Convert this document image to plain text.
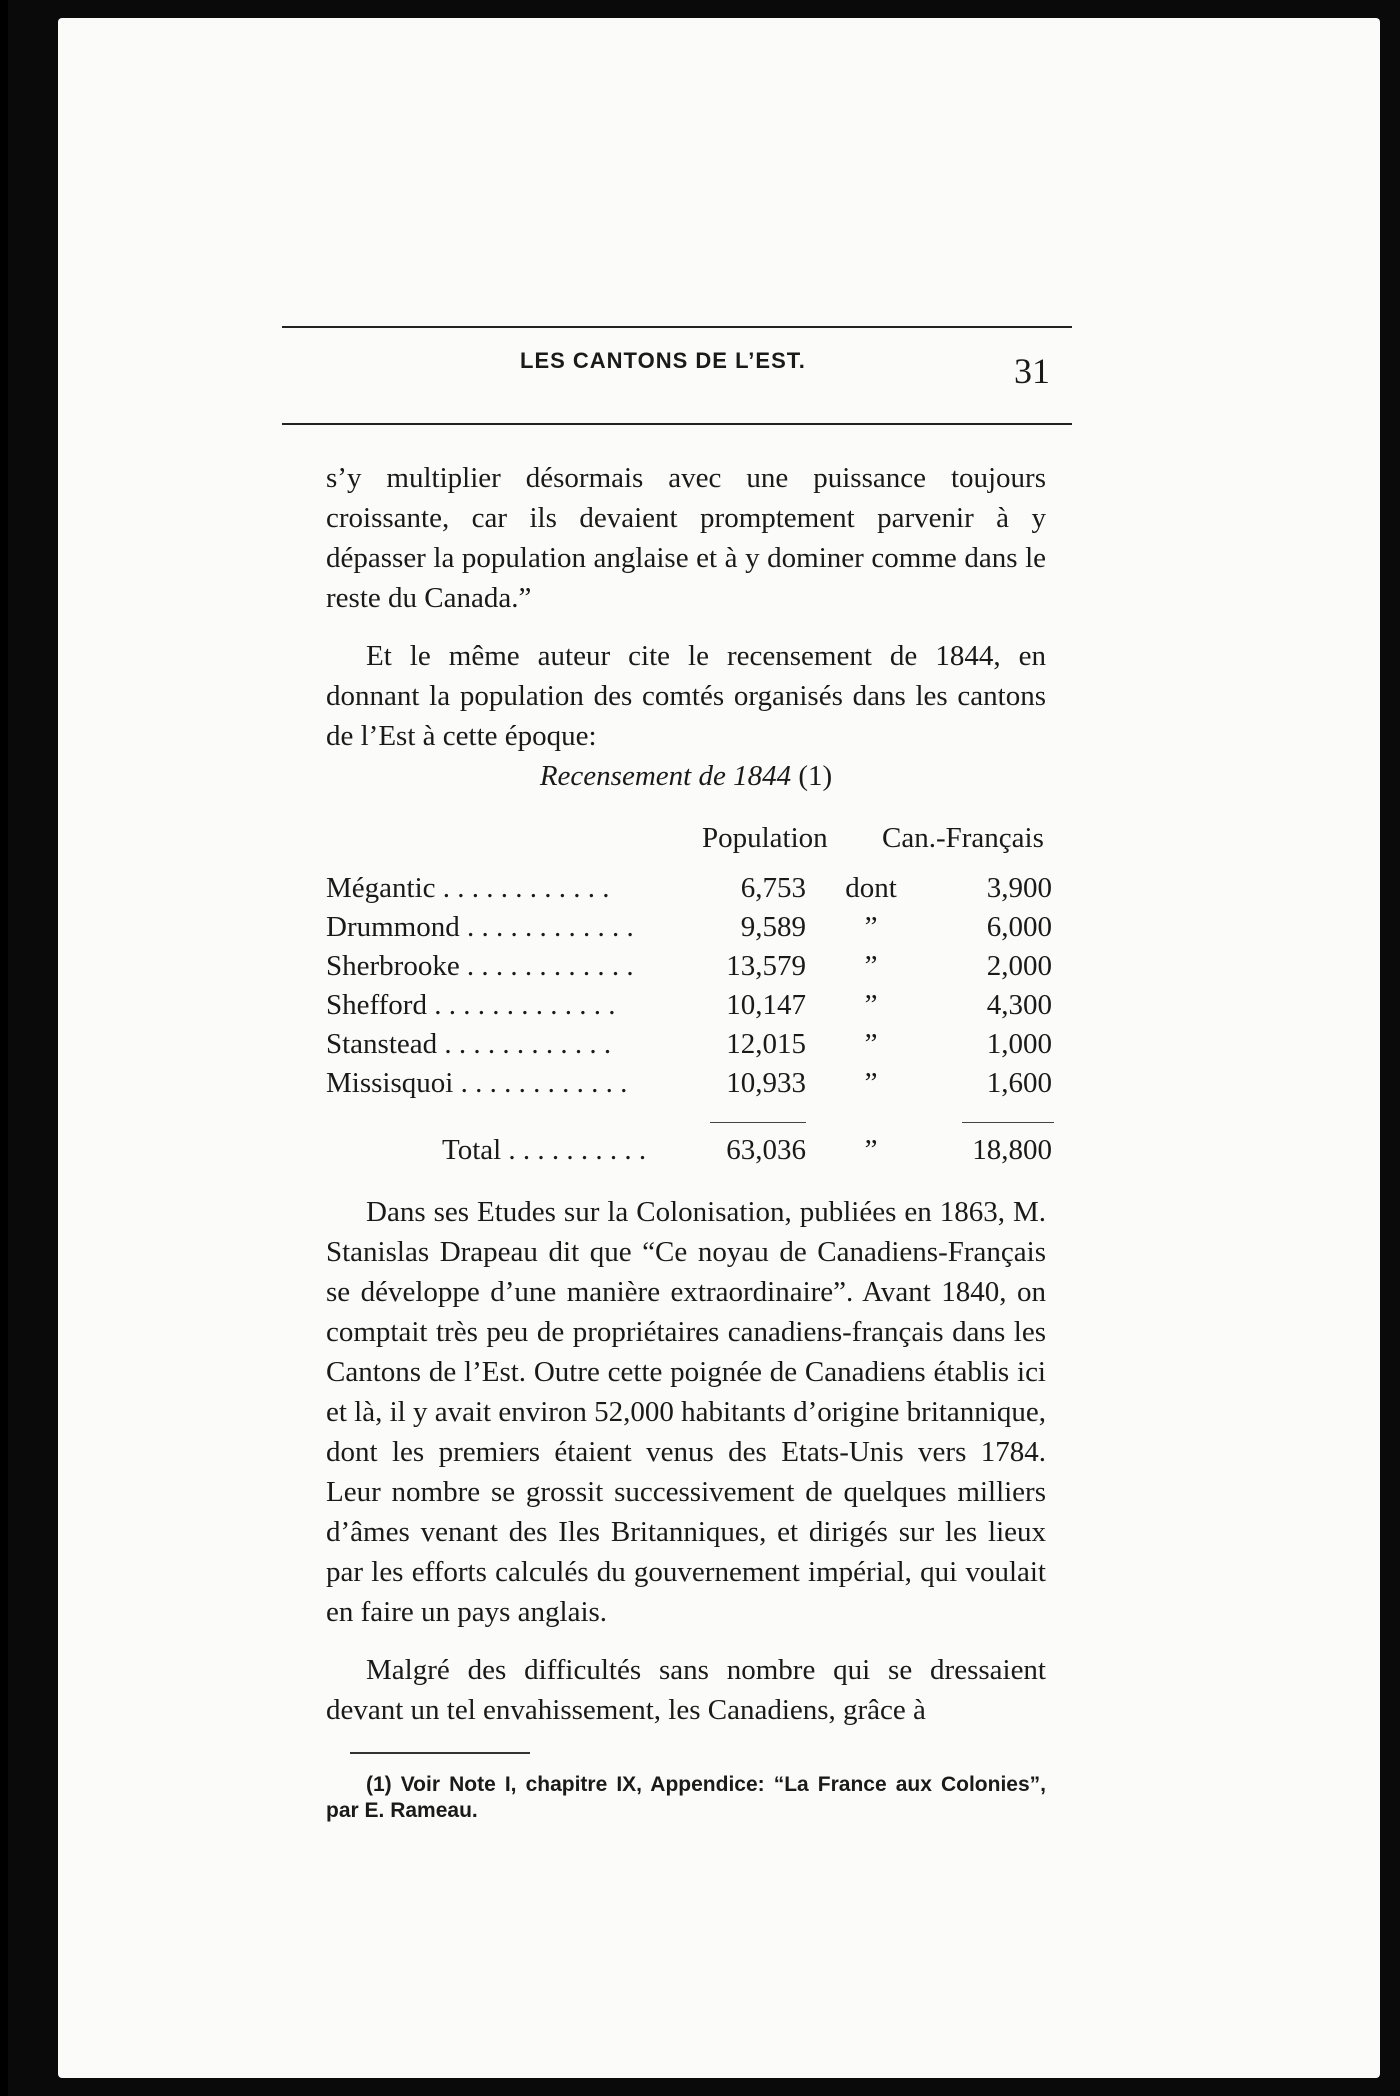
LES CANTONS DE L’EST.	31

s’y multiplier désormais avec une puissance toujours croissante, car ils devaient promptement parvenir à y dépasser la population anglaise et à y dominer comme dans le reste du Canada.”

Et le même auteur cite le recensement de 1844, en donnant la population des comtés organisés dans les cantons de l’Est à cette époque:

Recensement de 1844 (1)
Population Can.-Français
Mégantic . . . . . . . . . . . .	6,753	dont	3,900
Drummond . . . . . . . . . . . .	9,589	”	6,000
Sherbrooke . . . . . . . . . . . .	13,579	”	2,000
Shefford . . . . . . . . . . . . .	10,147	”	4,300
Stanstead . . . . . . . . . . . .	12,015	”	1,000
Missisquoi . . . . . . . . . . . .	10,933	”	1,600
Total . . . . . . . . . .	63,036	”	18,800

Dans ses Etudes sur la Colonisation, publiées en 1863, M. Stanislas Drapeau dit que “Ce noyau de Canadiens-Français se développe d’une manière extraordinaire”. Avant 1840, on comptait très peu de propriétaires canadiens-français dans les Cantons de l’Est. Outre cette poignée de Canadiens établis ici et là, il y avait environ 52,000 habitants d’origine britannique, dont les premiers étaient venus des Etats-Unis vers 1784. Leur nombre se grossit successivement de quelques milliers d’âmes venant des Iles Britanniques, et dirigés sur les lieux par les efforts calculés du gouvernement impérial, qui voulait en faire un pays anglais.

Malgré des difficultés sans nombre qui se dressaient devant un tel envahissement, les Canadiens, grâce à

(1) Voir Note I, chapitre IX, Appendice: “La France aux Colonies”, par E. Rameau.
